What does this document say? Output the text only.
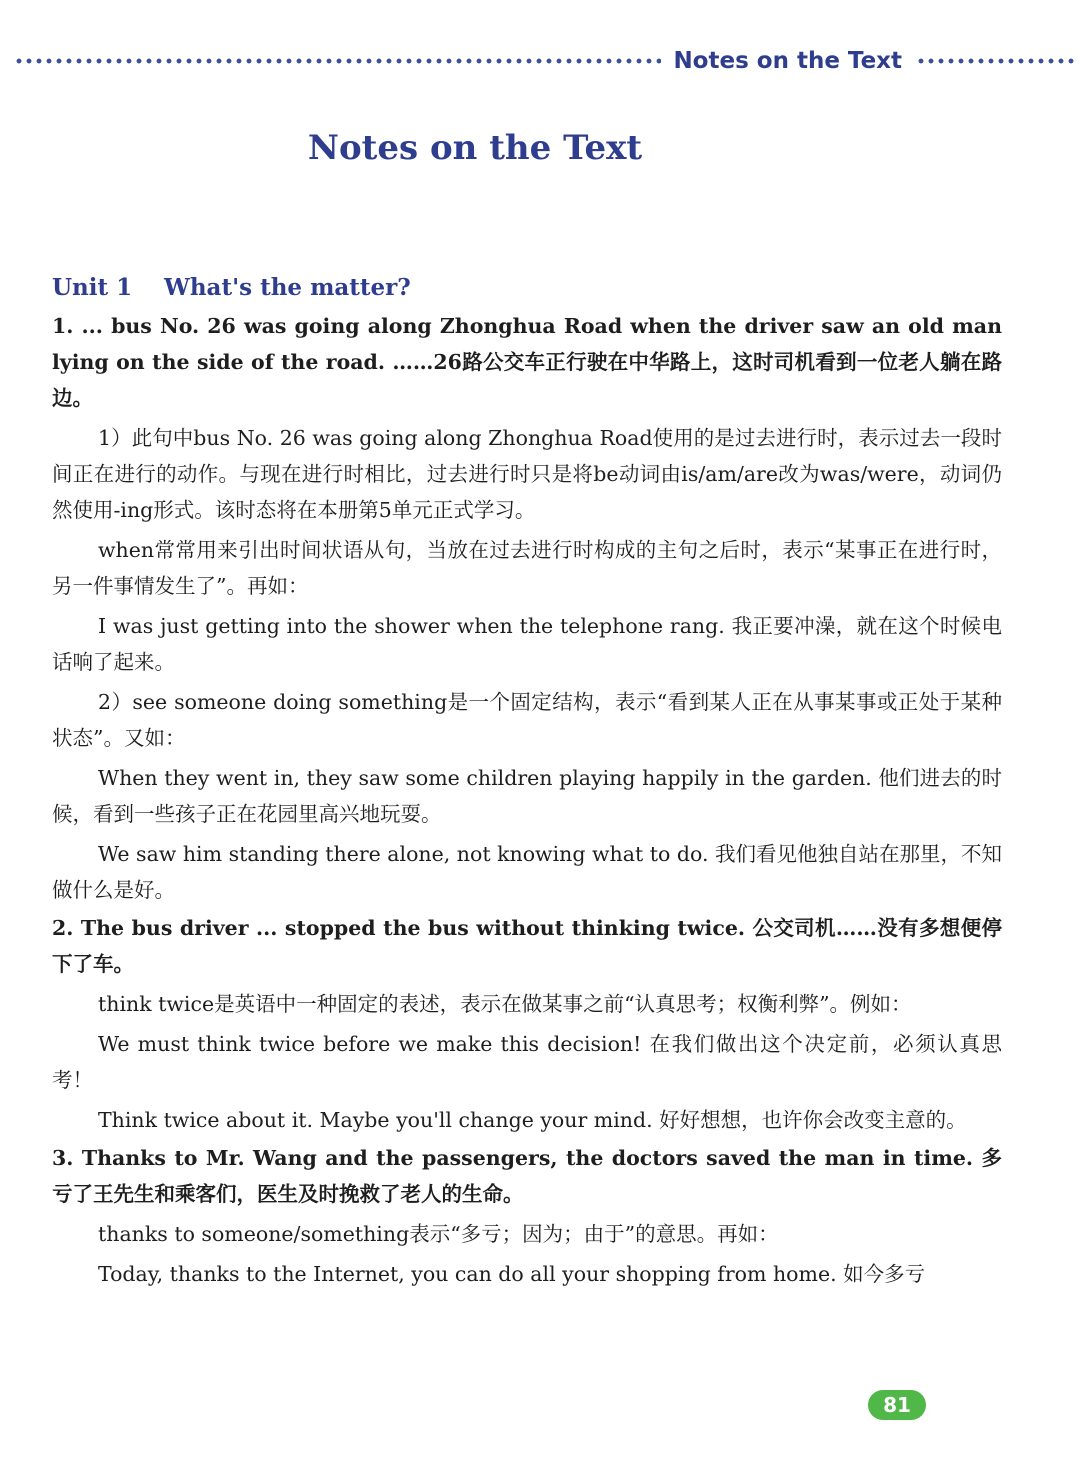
Notes on the Text
Notes on the Text
Unit 1 What's the matter?

1. ... bus No. 26 was going along Zhonghua Road when the driver saw an old man lying on the side of the road. ……26路公交车正行驶在中华路上，这时司机看到一位老人躺在路边。

1）此句中bus No. 26 was going along Zhonghua Road使用的是过去进行时，表示过去一段时间正在进行的动作。与现在进行时相比，过去进行时只是将be动词由is/am/are改为was/were，动词仍然使用-ing形式。该时态将在本册第5单元正式学习。

when常常用来引出时间状语从句，当放在过去进行时构成的主句之后时，表示“某事正在进行时，另一件事情发生了”。再如：

I was just getting into the shower when the telephone rang. 我正要冲澡，就在这个时候电话响了起来。

2）see someone doing something是一个固定结构，表示“看到某人正在从事某事或正处于某种状态”。又如：

When they went in, they saw some children playing happily in the garden. 他们进去的时候，看到一些孩子正在花园里高兴地玩耍。

We saw him standing there alone, not knowing what to do. 我们看见他独自站在那里，不知做什么是好。

2. The bus driver ... stopped the bus without thinking twice. 公交司机……没有多想便停下了车。

think twice是英语中一种固定的表述，表示在做某事之前“认真思考；权衡利弊”。例如：

We must think twice before we make this decision! 在我们做出这个决定前，必须认真思考！

Think twice about it. Maybe you'll change your mind. 好好想想，也许你会改变主意的。

3. Thanks to Mr. Wang and the passengers, the doctors saved the man in time. 多亏了王先生和乘客们，医生及时挽救了老人的生命。

thanks to someone/something表示“多亏；因为；由于”的意思。再如：

Today, thanks to the Internet, you can do all your shopping from home. 如今多亏

81
